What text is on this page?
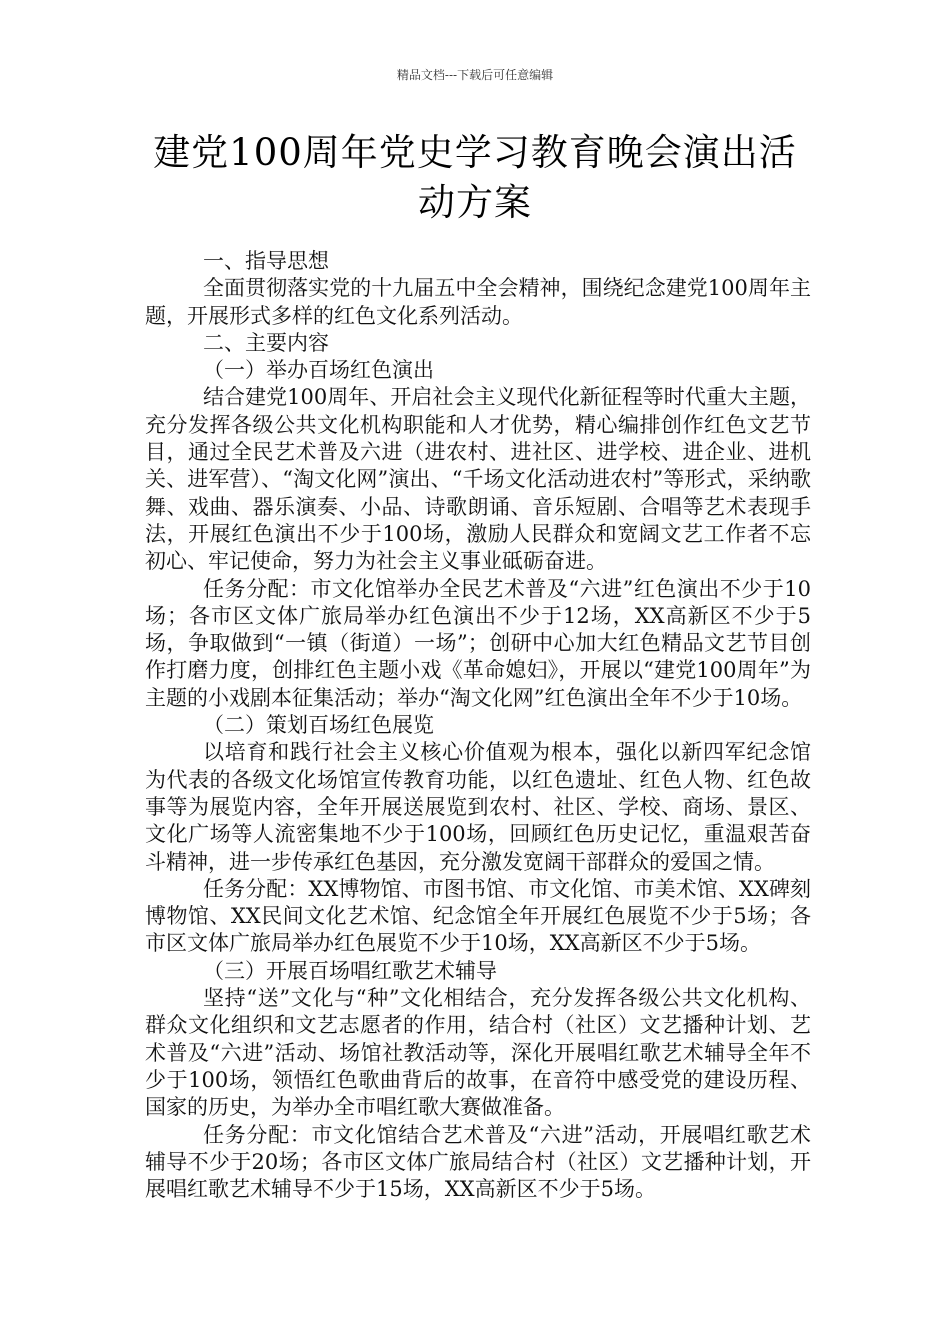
精品文档---下载后可任意编辑
建党100周年党史学习教育晚会演出活动方案

一、指导思想

全面贯彻落实党的十九届五中全会精神，围绕纪念建党100周年主题，开展形式多样的红色文化系列活动。

二、主要内容

（一）举办百场红色演出

结合建党100周年、开启社会主义现代化新征程等时代重大主题，充分发挥各级公共文化机构职能和人才优势，精心编排创作红色文艺节目，通过全民艺术普及六进（进农村、进社区、进学校、进企业、进机关、进军营）、“淘文化网”演出、“千场文化活动进农村”等形式，采纳歌舞、戏曲、器乐演奏、小品、诗歌朗诵、音乐短剧、合唱等艺术表现手法，开展红色演出不少于100场，激励人民群众和宽阔文艺工作者不忘初心、牢记使命，努力为社会主义事业砥砺奋进。

任务分配：市文化馆举办全民艺术普及“六进”红色演出不少于10场；各市区文体广旅局举办红色演出不少于12场，XX高新区不少于5场，争取做到“一镇（街道）一场”；创研中心加大红色精品文艺节目创作打磨力度，创排红色主题小戏《革命媳妇》，开展以“建党100周年”为主题的小戏剧本征集活动；举办“淘文化网”红色演出全年不少于10场。

（二）策划百场红色展览

以培育和践行社会主义核心价值观为根本，强化以新四军纪念馆为代表的各级文化场馆宣传教育功能，以红色遗址、红色人物、红色故事等为展览内容，全年开展送展览到农村、社区、学校、商场、景区、文化广场等人流密集地不少于100场，回顾红色历史记忆，重温艰苦奋斗精神，进一步传承红色基因，充分激发宽阔干部群众的爱国之情。

任务分配：XX博物馆、市图书馆、市文化馆、市美术馆、XX碑刻博物馆、XX民间文化艺术馆、纪念馆全年开展红色展览不少于5场；各市区文体广旅局举办红色展览不少于10场，XX高新区不少于5场。

（三）开展百场唱红歌艺术辅导

坚持“送”文化与“种”文化相结合，充分发挥各级公共文化机构、群众文化组织和文艺志愿者的作用，结合村（社区）文艺播种计划、艺术普及“六进”活动、场馆社教活动等，深化开展唱红歌艺术辅导全年不少于100场，领悟红色歌曲背后的故事，在音符中感受党的建设历程、国家的历史，为举办全市唱红歌大赛做准备。

任务分配：市文化馆结合艺术普及“六进”活动，开展唱红歌艺术辅导不少于20场；各市区文体广旅局结合村（社区）文艺播种计划，开展唱红歌艺术辅导不少于15场，XX高新区不少于5场。
